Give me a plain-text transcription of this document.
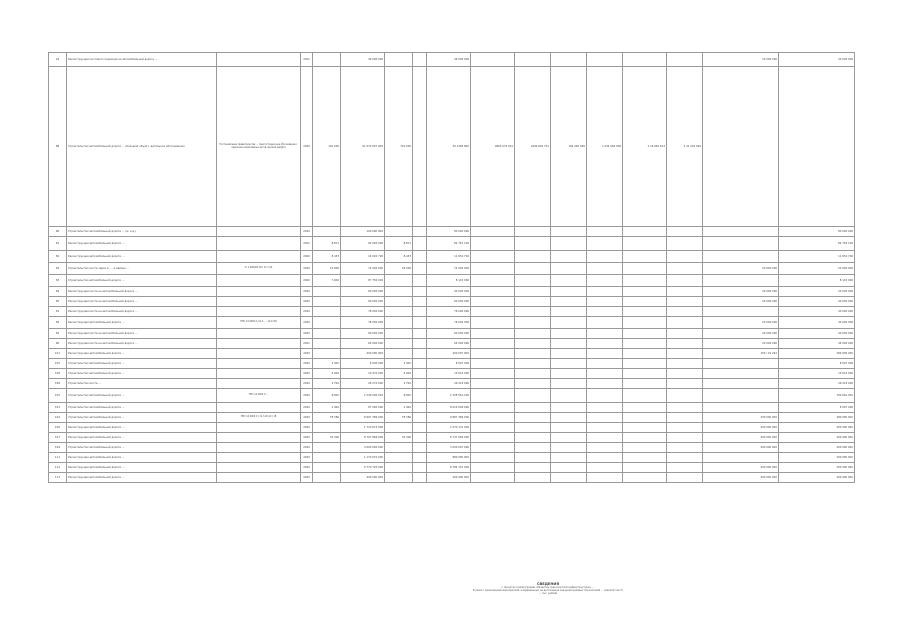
44	Реконструкция мостового перехода на автомобильной дороге …		2021		46 000 000			46 000 000							16 000 000	30 000 000
88	Строительство автомобильной дороги … (большой объект, детальное обоснование)	Постановление правительства … (многостраничное обоснование с перечнем нормативных актов, мелкий шрифт)	2020	140 000	61 070 007 000	742 000		39 1458 800	4863 079 001	1690 802 751	164 265 596	1 044 560 000	2 16 681 613	5 41 220 949		
80	Строительство автомобильной дороги … (м. к.д.)		2020		100 000 000			80 000 000								80 000 000
81	Реконструкция автомобильной дороги …		2021	8,871	92 000 000	8,871		82 761 100								82 764 100
82	Реконструкция автомобильной дороги …		2020	8 433	14 092 700	8,433		11 652 700								11 652 700
83	Строительство моста через р. … в районе …	П. 1 600000 00 / 11.7.20	2020	24 800	74 000 000	28 000		74 000 000							20 000 000	20 000 000
83	Строительство автомобильной дороги …		2020	7,000	87 750 000			8 115 000								8 115 000
84	Реконструкция моста на автомобильной дороге …		2020		80 000 000			40 000 000							20 000 000	20 000 000
85	Реконструкция моста на автомобильной дороге …		2020		60 000 000			60 000 000							16 000 000	40 000 000
81	Реконструкция моста на автомобильной дороге …		2020		78 000 000			78 000 000								40 000 000
84	Реконструкция автомобильной дороги …	НПС 14 0000 0 /11.3. … 12.0 /18	2020		78 000 000			78 000 000							20 000 000	40 000 000
82	Реконструкция моста на автомобильной дороге …		2020		60 000 000			60 000 000							20 000 000	40 000 000
80	Реконструкция моста на автомобильной дороге …		2021		64 000 000			64 000 000							20 000 000	44 000 000
101	Реконструкция автомобильной дороги …		2020		400 000 000			400 097 000							150 / 19 262	284 836 200
105	Строительство автомобильной дороги …		2020	2 400	8 000 000	2 400		8 097 006								8 097 006
108	Строительство автомобильной дороги …		2020	8 000	19 470 000	8 000		19 016 000								19 016 000
108	Строительство моста …		2020	2 700	26 270 000	2 700		26 216 000								26 216 000
105	Строительство автомобильной дороги …	НПС 14 0000 0 …	2020	8,000	1 540 000 010	8,000		2 328 561,200								790 661,200
103	Строительство автомобильной дороги …		2020	2 400	87 000 006	2 400		8 010 006 000								8 097 006
104	Строительство автомобильной дороги …	НПС 14 0000 0 / 11.3.20.12 / 18	2020	78 380	8 907 386 000	78 380		9 887 386 000							330 000 000	480 000 000
106	Реконструкция автомобильной дороги …		2020		1 710 674 000			2 270 131 000							200 000 000	400 000 000
107	Реконструкция автомобильной дороги …		2020	32 000	8 707 866 000	32 000		8 737 069 000							200 000 000	400 000 000
109	Строительство автомобильной дороги …		2020		4 000 000 000			3 000 097 000							200 000 000	200 000 000
111	Реконструкция автомобильной дороги …		2020		1 170 670 000			880 000 000								200 000 000
112	Реконструкция автомобильной дороги …		2020		6 770 720 000			8 784 151 000							200 000 000	200 000 000
113	Реконструкция автомобильной дороги …		2020		400 000 000			400 000 000							200 000 000	400 000 000
СВЕДЕНИЯ
о проектах подпрограммы «Развитие транспортной инфраструктуры» …
В связи с реализацией мероприятий, направленных на достижение значений целевых показателей … (мелкий текст)
… тыс. рублей
